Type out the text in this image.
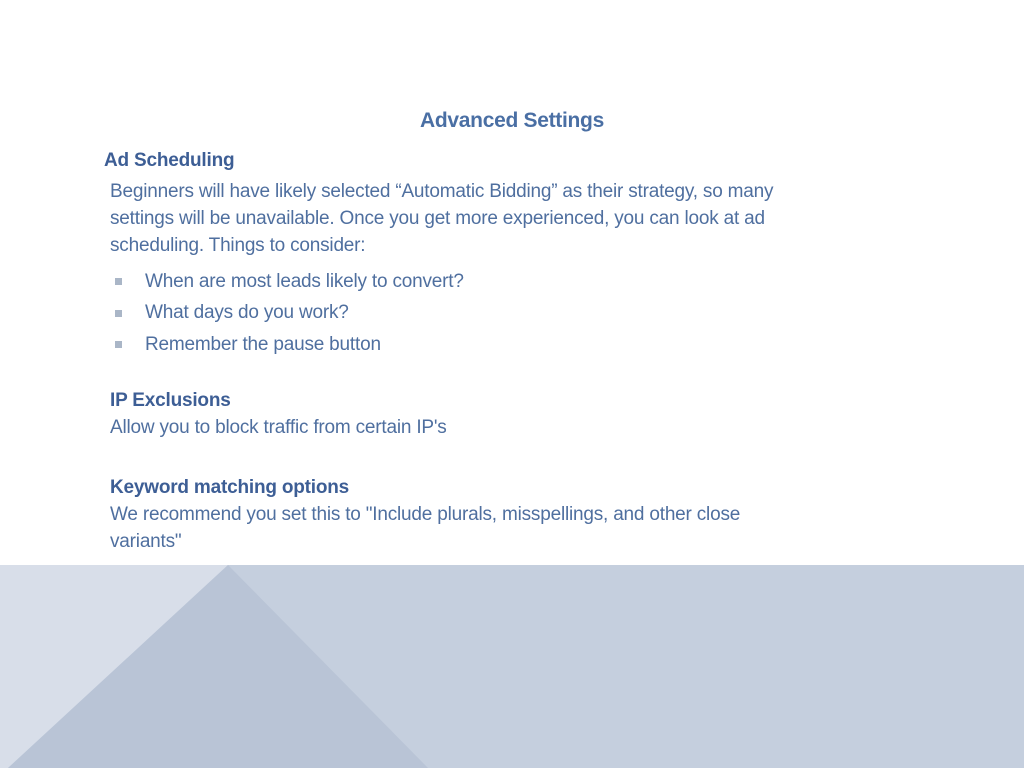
Advanced Settings
Ad Scheduling
Beginners will have likely selected “Automatic Bidding” as their strategy, so many
settings will be unavailable. Once you get more experienced, you can look at ad
scheduling. Things to consider:
When are most leads likely to convert?
What days do you work?
Remember the pause button
IP Exclusions
Allow you to block traffic from certain IP's
Keyword matching options
We recommend you set this to "Include plurals, misspellings, and other close
variants"
